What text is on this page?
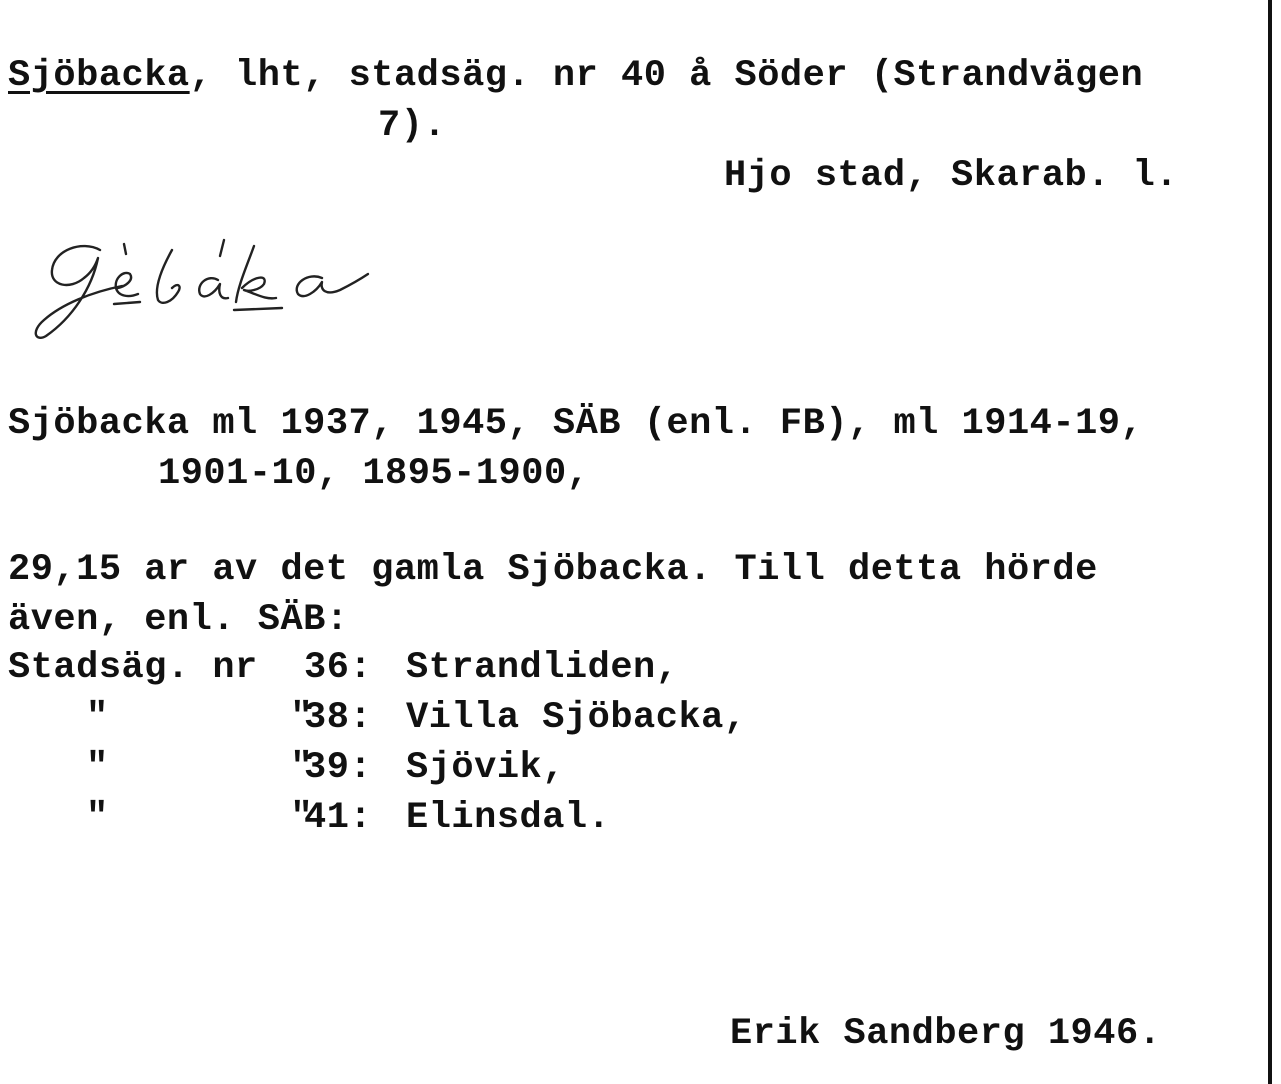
Sjöbacka, lht, stadsäg. nr 40 å Söder (Strandvägen
7).
Hjo stad, Skarab. l.
Sjöbacka ml 1937, 1945, SÄB (enl. FB), ml 1914-19,
1901-10, 1895-1900,
29,15 ar av det gamla Sjöbacka. Till detta hörde
även, enl. SÄB:
Stadsäg. nr 36: Strandliden,
"        "
38: Villa Sjöbacka,
"        "
39: Sjövik,
"        "
41: Elinsdal.
Erik Sandberg 1946.
